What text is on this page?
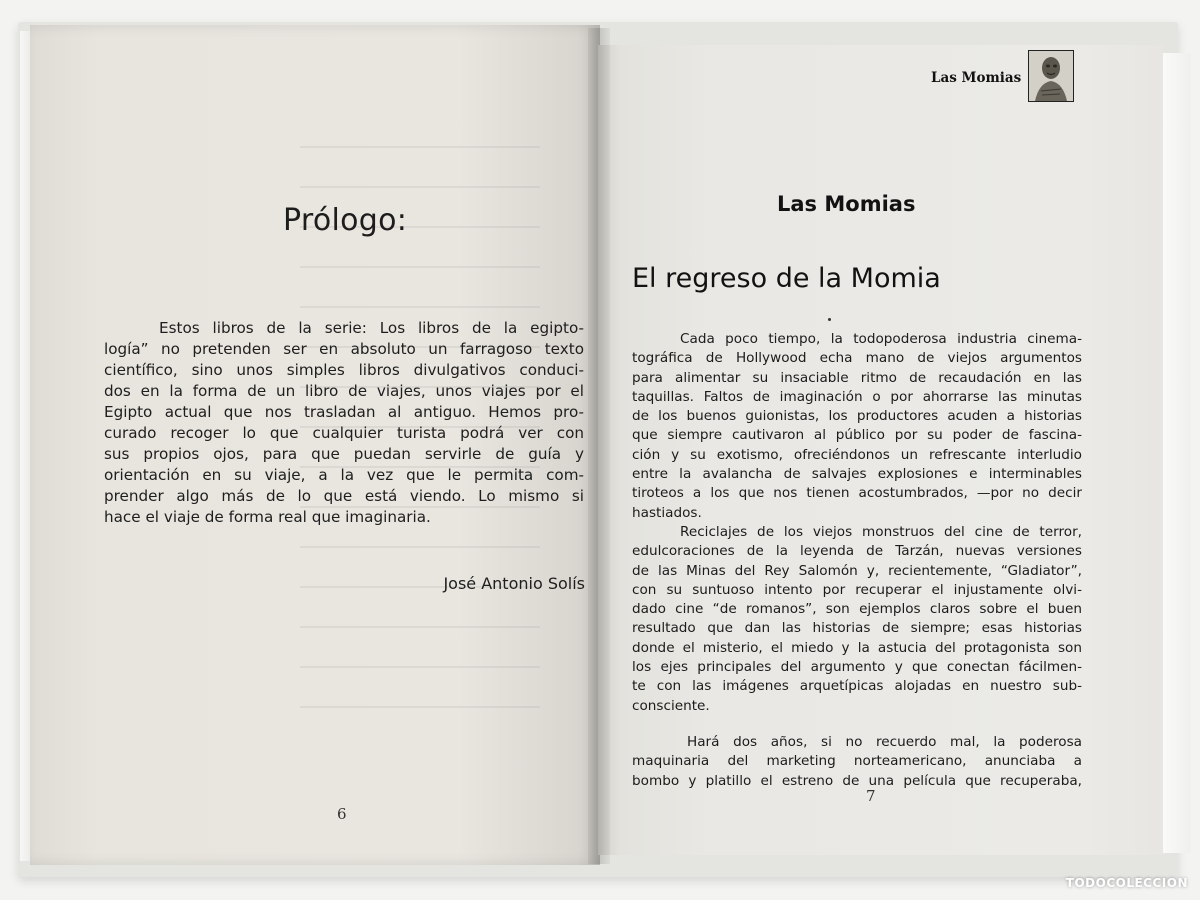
Prólogo:
Estos libros de la serie: Los libros de la egipto-
logía” no pretenden ser en absoluto un farragoso texto
científico, sino unos simples libros divulgativos conduci-
dos en la forma de un libro de viajes, unos viajes por el
Egipto actual que nos trasladan al antiguo. Hemos pro-
curado recoger lo que cualquier turista podrá ver con
sus propios ojos, para que puedan servirle de guía y
orientación en su viaje, a la vez que le permita com-
prender algo más de lo que está viendo. Lo mismo si
hace el viaje de forma real que imaginaria.
José Antonio Solís
6
Las Momias
Las Momias
El regreso de la Momia
Cada poco tiempo, la todopoderosa industria cinema-
tográfica de Hollywood echa mano de viejos argumentos
para alimentar su insaciable ritmo de recaudación en las
taquillas. Faltos de imaginación o por ahorrarse las minutas
de los buenos guionistas, los productores acuden a historias
que siempre cautivaron al público por su poder de fascina-
ción y su exotismo, ofreciéndonos un refrescante interludio
entre la avalancha de salvajes explosiones e interminables
tiroteos a los que nos tienen acostumbrados, —por no decir
hastiados.
Reciclajes de los viejos monstruos del cine de terror,
edulcoraciones de la leyenda de Tarzán, nuevas versiones
de las Minas del Rey Salomón y, recientemente, “Gladiator”,
con su suntuoso intento por recuperar el injustamente olvi-
dado cine “de romanos”, son ejemplos claros sobre el buen
resultado que dan las historias de siempre; esas historias
donde el misterio, el miedo y la astucia del protagonista son
los ejes principales del argumento y que conectan fácilmen-
te con las imágenes arquetípicas alojadas en nuestro sub-
consciente.
Hará dos años, si no recuerdo mal, la poderosa
maquinaria del marketing norteamericano, anunciaba a
bombo y platillo el estreno de una película que recuperaba,
7
TODOCOLECCION
